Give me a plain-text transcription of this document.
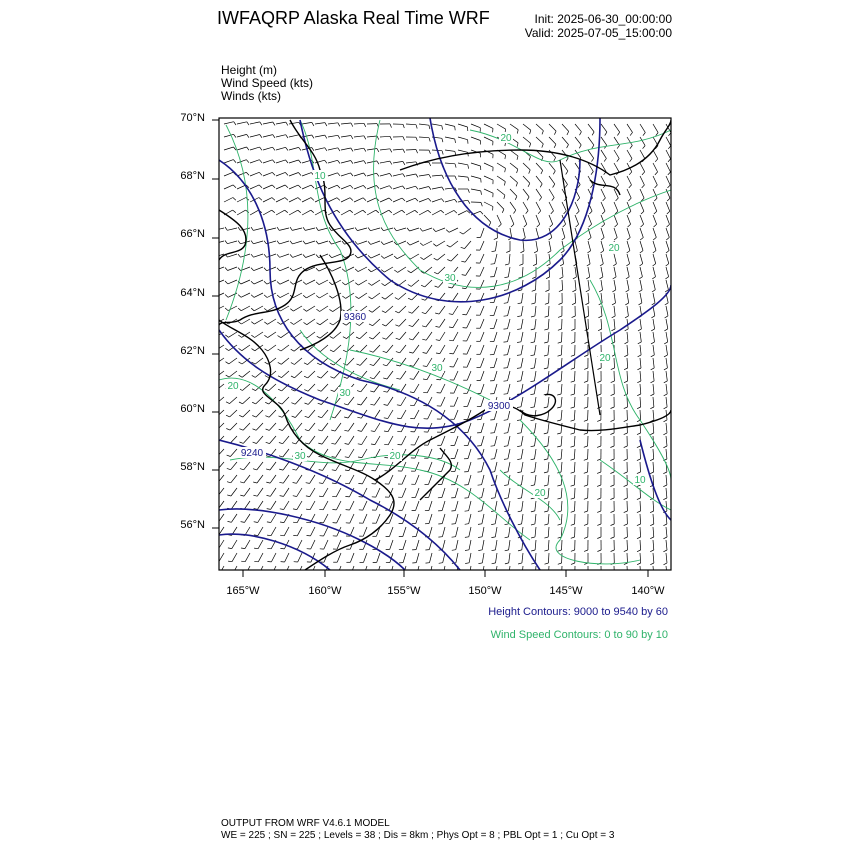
IWFAQRP Alaska Real Time WRF	Init: 2025-06-30_00:00:00
Valid: 2025-07-05_15:00:00
Height (m)
Wind Speed (kts)
Winds (kts)
9360
9300
9240
10
20
20
30
20
30	20
30
20
10
20
30
70°N
68°N
66°N
64°N
62°N
60°N
58°N
56°N
165°W	160°W	155°W	150°W	145°W	140°W
Height Contours: 9000 to 9540 by 60
Wind Speed Contours: 0 to 90 by 10
OUTPUT FROM WRF V4.6.1 MODEL
WE = 225 ; SN = 225 ; Levels = 38 ; Dis = 8km ; Phys Opt = 8 ; PBL Opt = 1 ; Cu Opt = 3
